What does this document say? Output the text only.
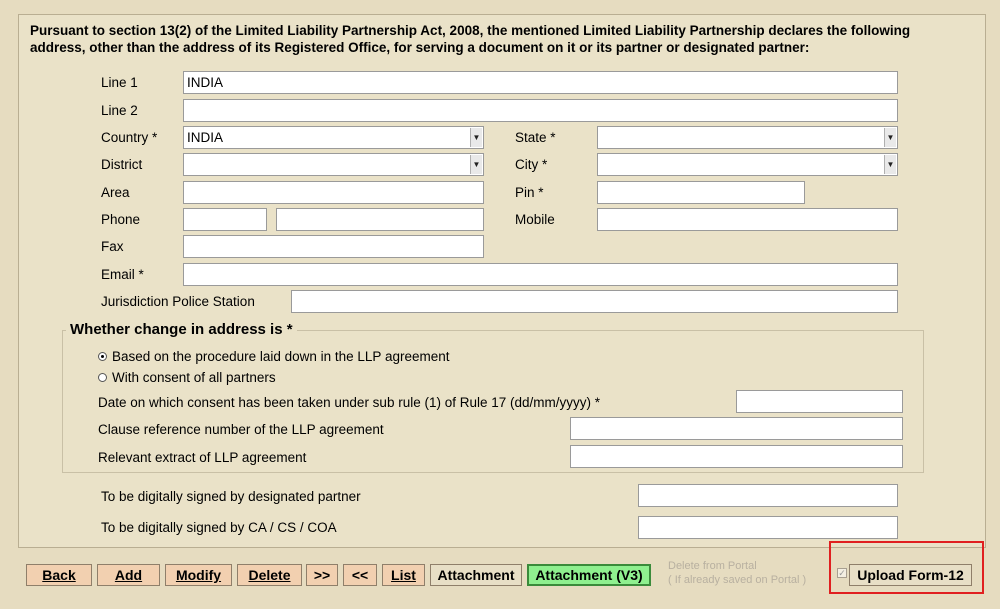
Pursuant to section 13(2) of the Limited Liability Partnership Act, 2008, the mentioned Limited Liability Partnership declares the following address, other than the address of its Registered Office, for serving a document on it or its partner or designated partner:
Line 1	INDIA
Line 2
Country * INDIA	▼	State *	▼
District	▼	City *	▼
Area	Pin *
Phone	Mobile
Fax
Email *
Jurisdiction Police Station
Whether change in address is *
Based on the procedure laid down in the LLP agreement
With consent of all partners
Date on which consent has been taken under sub rule (1) of Rule 17 (dd/mm/yyyy) *
Clause reference number of the LLP agreement
Relevant extract of LLP agreement
To be digitally signed by designated partner
To be digitally signed by CA / CS / COA
Back	Add	Modify	Delete	>>	<<	List	Attachment	Attachment (V3)
Delete from Portal
( If already saved on Portal )
✓ Upload Form-12
